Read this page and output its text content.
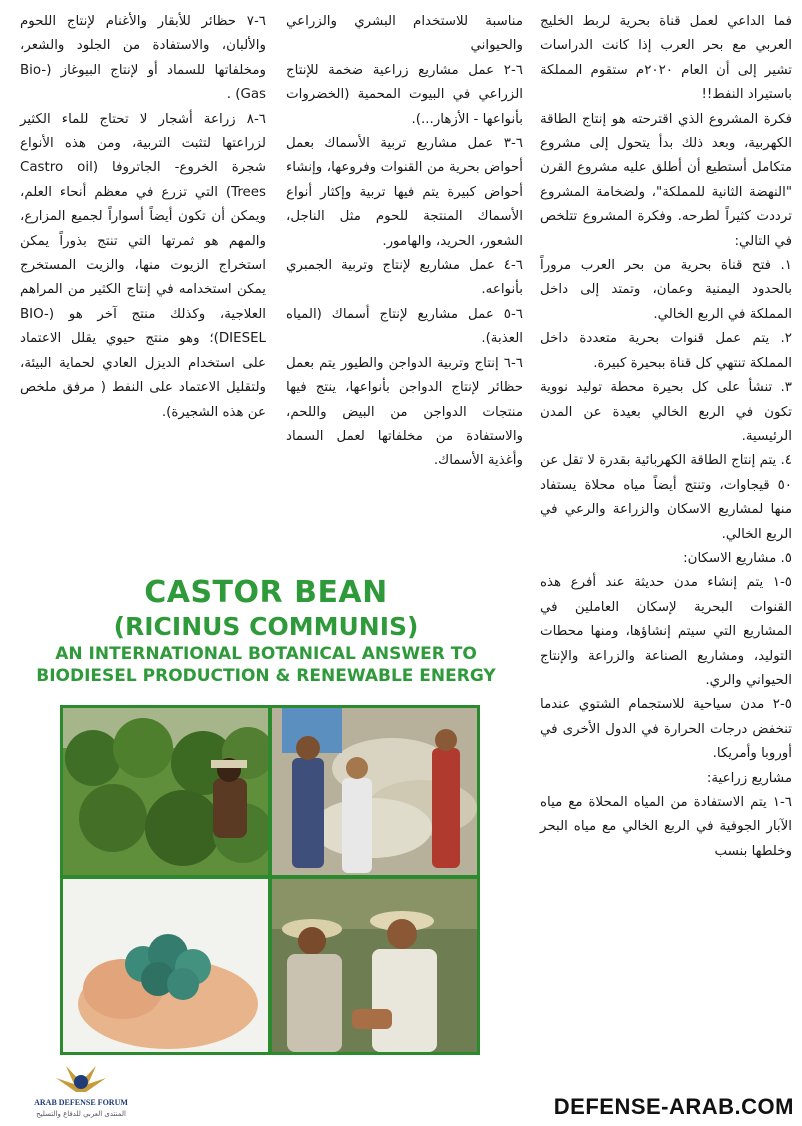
فما الداعي لعمل قناة بحرية لربط الخليج العربي مع بحر العرب إذا كانت الدراسات تشير إلى أن العام ٢٠٢٠م ستقوم المملكة باستيراد النفط!!

فكرة المشروع الذي اقترحته هو إنتاج الطاقة الكهربية، وبعد ذلك بدأ يتحول إلى مشروع متكامل أستطيع أن أطلق عليه مشروع القرن "النهضة الثانية للمملكة"، ولضخامة المشروع ترددت كثيراً لطرحه. وفكرة المشروع تتلخص في التالي:

١. فتح قناة بحرية من بحر العرب مروراً بالحدود اليمنية وعمان، وتمتد إلى داخل المملكة في الربع الخالي.

٢. يتم عمل قنوات بحرية متعددة داخل المملكة تنتهي كل قناة ببحيرة كبيرة.

٣. تنشأ على كل بحيرة محطة توليد نووية تكون في الربع الخالي بعيدة عن المدن الرئيسية.

٤. يتم إنتاج الطاقة الكهربائية بقدرة لا تقل عن ٥٠ قيجاوات، وتنتج أيضاً مياه محلاة يستفاد منها لمشاريع الاسكان والزراعة والرعي في الربع الخالي.

٥. مشاريع الاسكان:

٥-١ يتم إنشاء مدن حديثة عند أفرع هذه القنوات البحرية لإسكان العاملين في المشاريع التي سيتم إنشاؤها، ومنها محطات التوليد، ومشاريع الصناعة والزراعة والإنتاج الحيواني والري.

٥-٢ مدن سياحية للاستجمام الشتوي عندما تنخفض درجات الحرارة في الدول الأخرى في أوروبا وأمريكا.

مشاريع زراعية:

٦-١ يتم الاستفادة من المياه المحلاة مع مياه الآبار الجوفية في الربع الخالي مع مياه البحر وخلطها بنسب

مناسبة للاستخدام البشري والزراعي والحيواني

٦-٢ عمل مشاريع زراعية ضخمة للإنتاج الزراعي في البيوت المحمية (الخضروات بأنواعها - الأزهار...).

٦-٣ عمل مشاريع تربية الأسماك بعمل أحواض بحرية من القنوات وفروعها، وإنشاء أحواض كبيرة يتم فيها تربية وإكثار أنواع الأسماك المنتجة للحوم مثل الناجل، الشعور، الحريد، والهامور.

٦-٤ عمل مشاريع لإنتاج وتربية الجمبري بأنواعه.

٦-٥ عمل مشاريع لإنتاج أسماك (المياه العذبة).

٦-٦ إنتاج وتربية الدواجن والطيور يتم بعمل حظائر لإنتاج الدواجن بأنواعها، ينتج فيها منتجات الدواجن من البيض واللحم، والاستفادة من مخلفاتها لعمل السماد وأغذية الأسماك.

٦-٧ حظائر للأبقار والأغنام لإنتاج اللحوم والألبان، والاستفادة من الجلود والشعر، ومخلفاتها للسماد أو لإنتاج البيوغاز (Bio-Gas) .

٦-٨ زراعة أشجار لا تحتاج للماء الكثير لزراعتها لتثبت التربية، ومن هذه الأنواع شجرة الخروع- الجاتروفا (Castro oil Trees) التي تزرع في معظم أنحاء العلم، ويمكن أن تكون أيضاً أسواراً لجميع المزارع، والمهم هو ثمرتها التي تنتج بذوراً يمكن استخراج الزيوت منها، والزيت المستخرج يمكن استخدامه في إنتاج الكثير من المراهم العلاجية، وكذلك منتج آخر هو (BIO-DIESEL)؛ وهو منتج حيوي يقلل الاعتماد على استخدام الديزل العادي لحماية البيئة، ولتقليل الاعتماد على النفط ( مرفق ملخص عن هذه الشجيرة).

CASTOR BEAN
(RICINUS COMMUNIS)
AN INTERNATIONAL BOTANICAL ANSWER TO
BIODIESEL PRODUCTION & RENEWABLE ENERGY
ARAB DEFENSE FORUM
المنتدى العربي للدفاع والتسليح	DEFENSE-ARAB.COM
